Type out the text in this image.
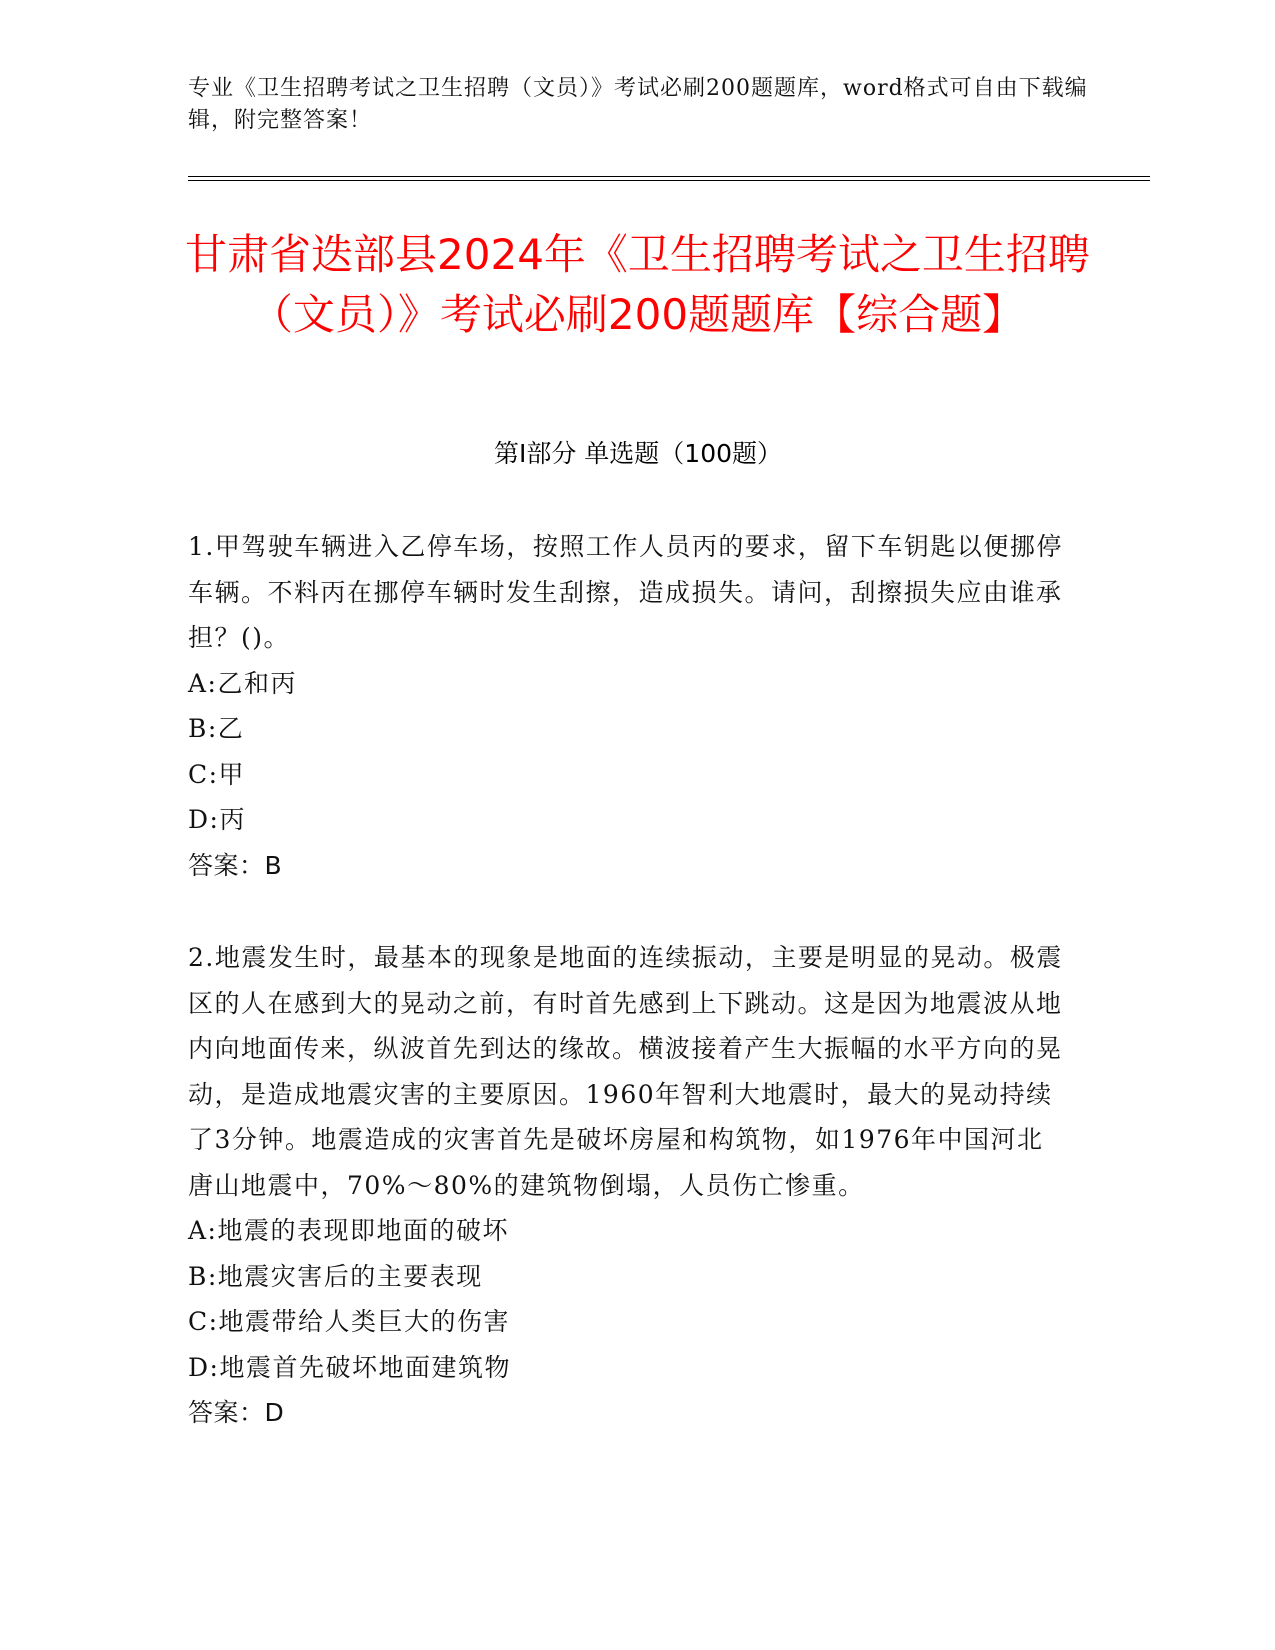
专业《卫生招聘考试之卫生招聘（文员）》考试必刷200题题库，word格式可自由下载编辑，附完整答案！
甘肃省迭部县2024年《卫生招聘考试之卫生招聘（文员）》考试必刷200题题库【综合题】
第I部分 单选题（100题）

1.甲驾驶车辆进入乙停车场，按照工作人员丙的要求，留下车钥匙以便挪停车辆。不料丙在挪停车辆时发生刮擦，造成损失。请问，刮擦损失应由谁承担？()。

A:乙和丙

B:乙

C:甲

D:丙

答案：B

2.地震发生时，最基本的现象是地面的连续振动，主要是明显的晃动。极震区的人在感到大的晃动之前，有时首先感到上下跳动。这是因为地震波从地内向地面传来，纵波首先到达的缘故。横波接着产生大振幅的水平方向的晃动，是造成地震灾害的主要原因。1960年智利大地震时，最大的晃动持续了3分钟。地震造成的灾害首先是破坏房屋和构筑物，如1976年中国河北唐山地震中，70%～80%的建筑物倒塌，人员伤亡惨重。

A:地震的表现即地面的破坏

B:地震灾害后的主要表现

C:地震带给人类巨大的伤害

D:地震首先破坏地面建筑物

答案：D
